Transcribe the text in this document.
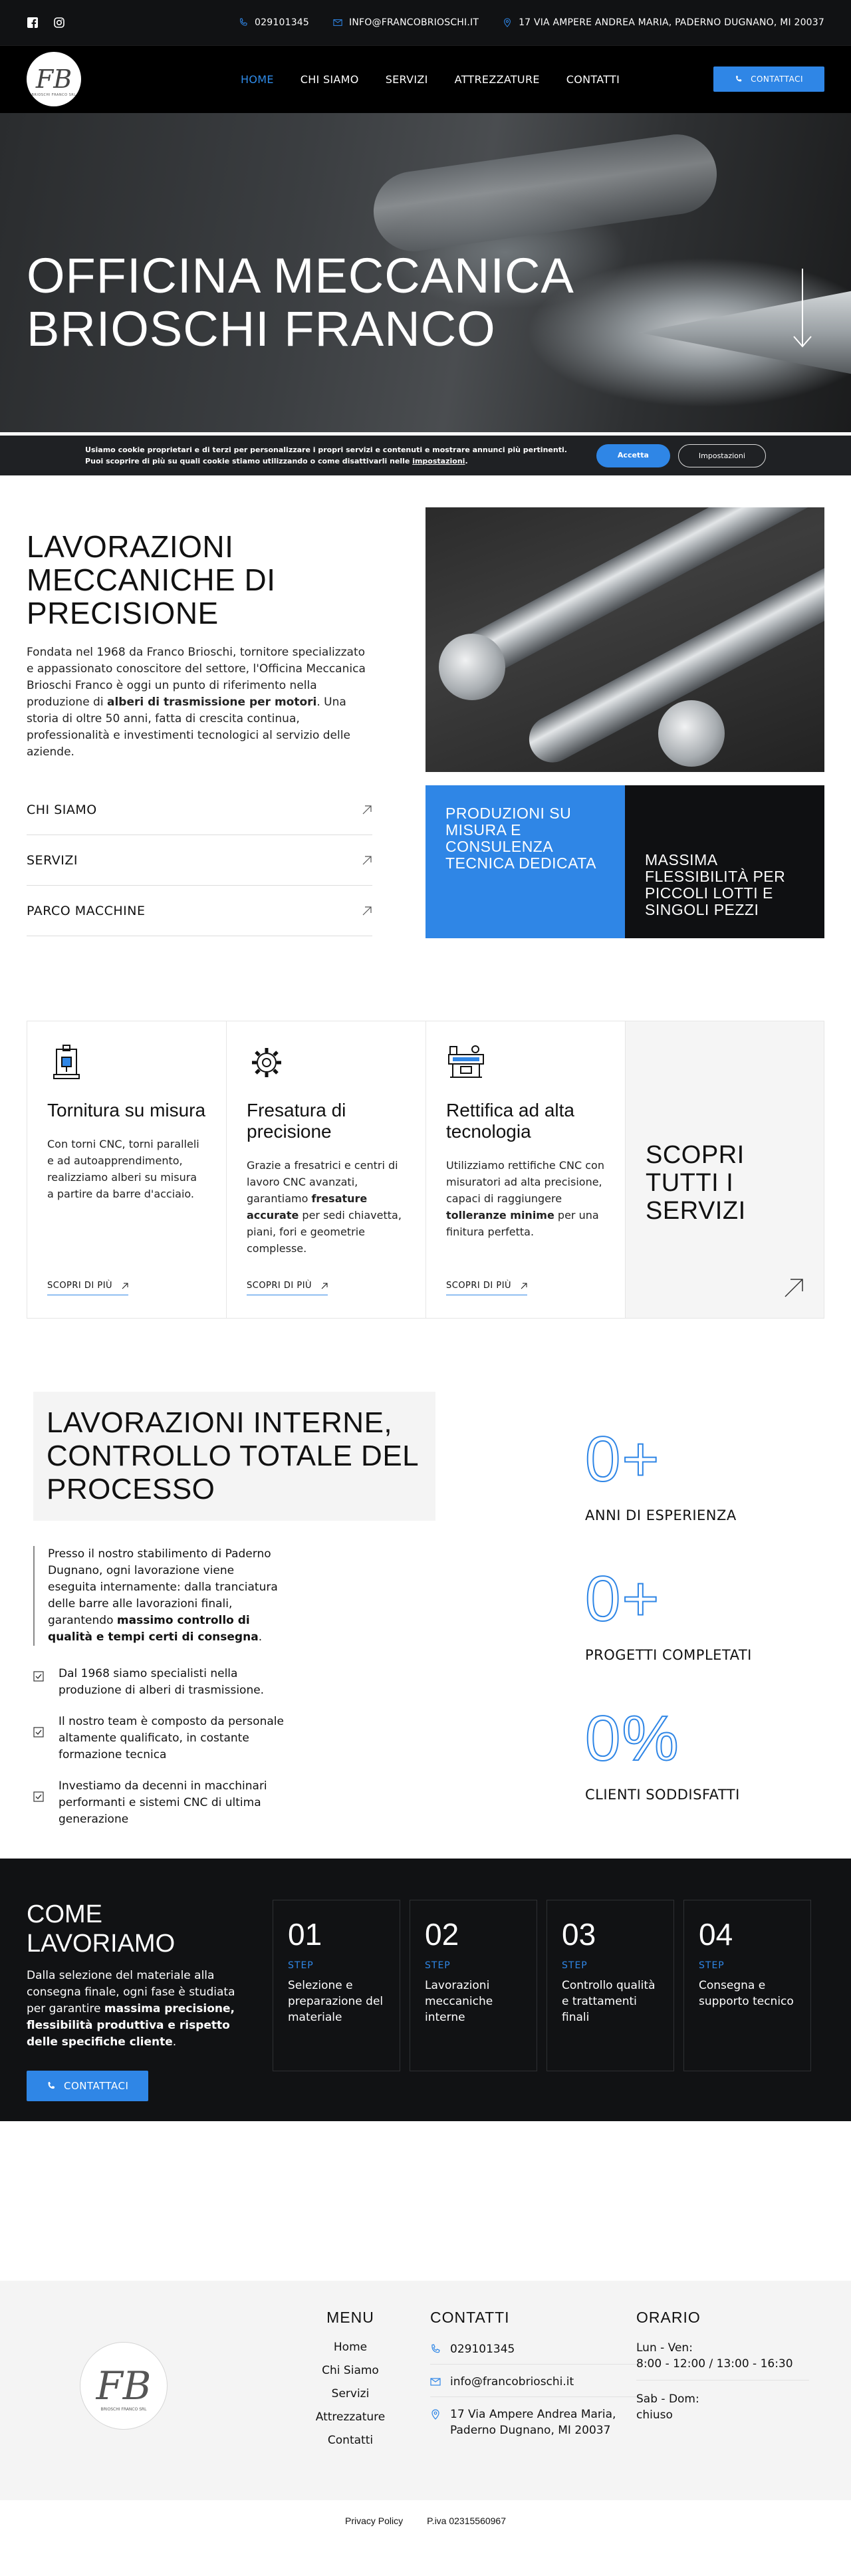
029101345	INFO@FRANCOBRIOSCHI.IT	17 VIA AMPERE ANDREA MARIA, PADERNO DUGNANO, MI 20037
FB
BRIOSCHI FRANCO SRL
HOME	CHI SIAMO	SERVIZI	ATTREZZATURE	CONTATTI	CONTATTACI
OFFICINA MECCANICA
BRIOSCHI FRANCO
Usiamo cookie proprietari e di terzi per personalizzare i propri servizi e contenuti e mostrare annunci più pertinenti.
Puoi scoprire di più su quali cookie stiamo utilizzando o come disattivarli nelle impostazioni.
Accetta	Impostazioni
LAVORAZIONI MECCANICHE DI PRECISIONE

Fondata nel 1968 da Franco Brioschi, tornitore specializzato e appassionato conoscitore del settore, l'Officina Meccanica Brioschi Franco è oggi un punto di riferimento nella produzione di alberi di trasmissione per motori. Una storia di oltre 50 anni, fatta di crescita continua, professionalità e investimenti tecnologici al servizio delle aziende.

CHI SIAMO
SERVIZI
PARCO MACCHINE
PRODUZIONI SU MISURA E CONSULENZA TECNICA DEDICATA	MASSIMA FLESSIBILITÀ PER PICCOLI LOTTI E SINGOLI PEZZI
Tornitura su misura

Con torni CNC, torni paralleli e ad autoapprendimento, realizziamo alberi su misura a partire da barre d'acciaio.

SCOPRI DI PIÙ
Fresatura di precisione

Grazie a fresatrici e centri di lavoro CNC avanzati, garantiamo fresature accurate per sedi chiavetta, piani, fori e geometrie complesse.

SCOPRI DI PIÙ
Rettifica ad alta tecnologia

Utilizziamo rettifiche CNC con misuratori ad alta precisione, capaci di raggiungere tolleranze minime per una finitura perfetta.

SCOPRI DI PIÙ
SCOPRI TUTTI I SERVIZI
LAVORAZIONI INTERNE, CONTROLLO TOTALE DEL PROCESSO
Presso il nostro stabilimento di Paderno Dugnano, ogni lavorazione viene eseguita internamente: dalla tranciatura delle barre alle lavorazioni finali, garantendo massimo controllo di qualità e tempi certi di consegna.
Dal 1968 siamo specialisti nella produzione di alberi di trasmissione.
Il nostro team è composto da personale altamente qualificato, in costante formazione tecnica
Investiamo da decenni in macchinari performanti e sistemi CNC di ultima generazione
0+
ANNI DI ESPERIENZA
0+
PROGETTI COMPLETATI
0%
CLIENTI SODDISFATTI
COME LAVORIAMO

Dalla selezione del materiale alla consegna finale, ogni fase è studiata per garantire massima precisione, flessibilità produttiva e rispetto delle specifiche cliente.

CONTATTACI
01
STEP
Selezione e preparazione del materiale
02
STEP
Lavorazioni meccaniche interne
03
STEP
Controllo qualità e trattamenti finali
04
STEP
Consegna e supporto tecnico
FB
BRIOSCHI FRANCO SRL
MENU
Home
Chi Siamo
Servizi
Attrezzature
Contatti
CONTATTI
029101345
info@francobrioschi.it
17 Via Ampere Andrea Maria, Paderno Dugnano, MI 20037
ORARIO
Lun - Ven:
8:00 - 12:00 / 13:00 - 16:30
Sab - Dom:
chiuso
Privacy Policy	P.iva 02315560967
